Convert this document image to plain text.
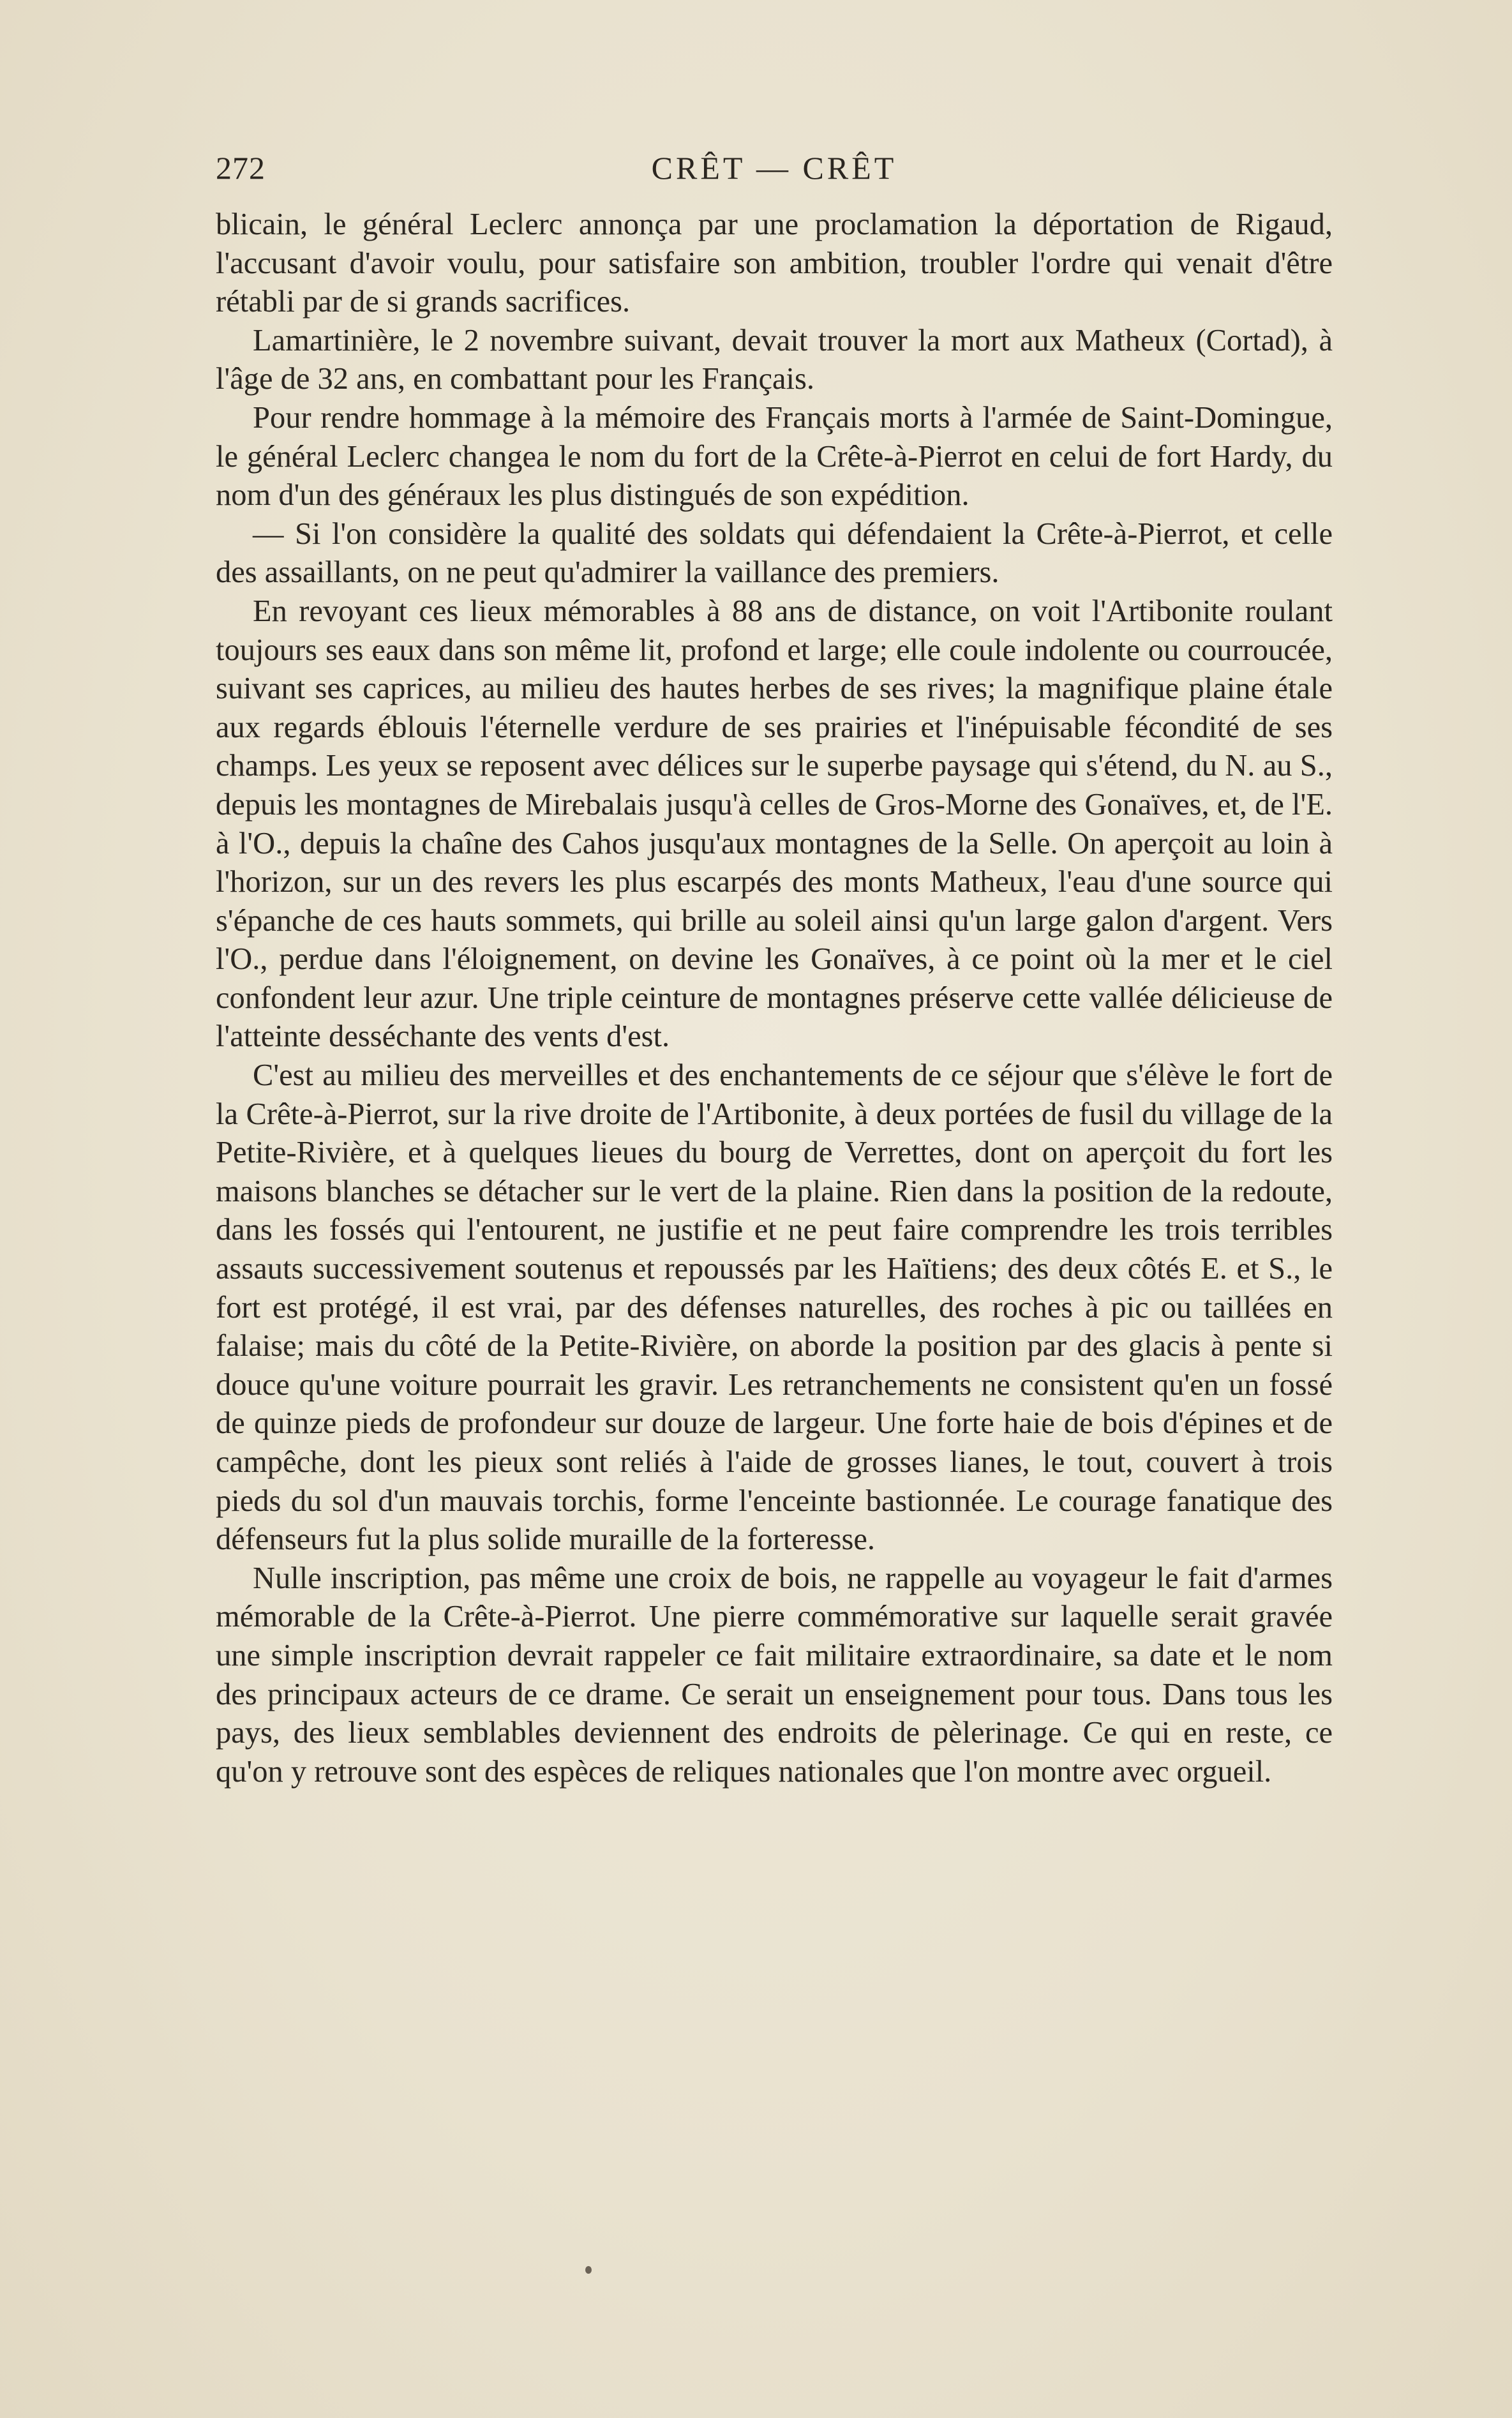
272	CRÊT — CRÊT

blicain, le général Leclerc annonça par une proclamation la déportation de Rigaud, l'accusant d'avoir voulu, pour satisfaire son ambition, troubler l'ordre qui venait d'être rétabli par de si grands sacrifices.

Lamartinière, le 2 novembre suivant, devait trouver la mort aux Matheux (Cortad), à l'âge de 32 ans, en combattant pour les Français.

Pour rendre hommage à la mémoire des Français morts à l'armée de Saint-Domingue, le général Leclerc changea le nom du fort de la Crête-à-Pierrot en celui de fort Hardy, du nom d'un des généraux les plus distingués de son expédition.

— Si l'on considère la qualité des soldats qui défendaient la Crête-à-Pierrot, et celle des assaillants, on ne peut qu'admirer la vaillance des premiers.

En revoyant ces lieux mémorables à 88 ans de distance, on voit l'Artibonite roulant toujours ses eaux dans son même lit, profond et large; elle coule indolente ou courroucée, suivant ses caprices, au milieu des hautes herbes de ses rives; la magnifique plaine étale aux regards éblouis l'éternelle verdure de ses prairies et l'inépuisable fécondité de ses champs. Les yeux se reposent avec délices sur le superbe paysage qui s'étend, du N. au S., depuis les montagnes de Mirebalais jusqu'à celles de Gros-Morne des Gonaïves, et, de l'E. à l'O., depuis la chaîne des Cahos jusqu'aux montagnes de la Selle. On aperçoit au loin à l'horizon, sur un des revers les plus escarpés des monts Matheux, l'eau d'une source qui s'épanche de ces hauts sommets, qui brille au soleil ainsi qu'un large galon d'argent. Vers l'O., perdue dans l'éloignement, on devine les Gonaïves, à ce point où la mer et le ciel confondent leur azur. Une triple ceinture de montagnes préserve cette vallée délicieuse de l'atteinte desséchante des vents d'est.

C'est au milieu des merveilles et des enchantements de ce séjour que s'élève le fort de la Crête-à-Pierrot, sur la rive droite de l'Artibonite, à deux portées de fusil du village de la Petite-Rivière, et à quelques lieues du bourg de Verrettes, dont on aperçoit du fort les maisons blanches se détacher sur le vert de la plaine. Rien dans la position de la redoute, dans les fossés qui l'entourent, ne justifie et ne peut faire comprendre les trois terribles assauts successivement soutenus et repoussés par les Haïtiens; des deux côtés E. et S., le fort est protégé, il est vrai, par des défenses naturelles, des roches à pic ou taillées en falaise; mais du côté de la Petite-Rivière, on aborde la position par des glacis à pente si douce qu'une voiture pourrait les gravir. Les retranchements ne consistent qu'en un fossé de quinze pieds de profondeur sur douze de largeur. Une forte haie de bois d'épines et de campêche, dont les pieux sont reliés à l'aide de grosses lianes, le tout, couvert à trois pieds du sol d'un mauvais torchis, forme l'enceinte bastionnée. Le courage fanatique des défenseurs fut la plus solide muraille de la forteresse.

Nulle inscription, pas même une croix de bois, ne rappelle au voyageur le fait d'armes mémorable de la Crête-à-Pierrot. Une pierre commémorative sur laquelle serait gravée une simple inscription devrait rappeler ce fait militaire extraordinaire, sa date et le nom des principaux acteurs de ce drame. Ce serait un enseignement pour tous. Dans tous les pays, des lieux semblables deviennent des endroits de pèlerinage. Ce qui en reste, ce qu'on y retrouve sont des espèces de reliques nationales que l'on montre avec orgueil.
